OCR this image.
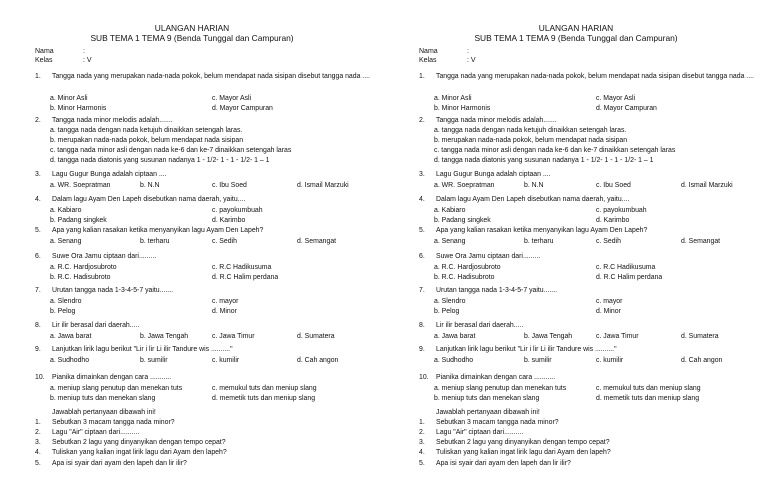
ULANGAN HARIAN
SUB TEMA 1 TEMA 9 (Benda Tunggal dan Campuran)
Nama	:
Kelas	: V
1. Tangga nada yang merupakan nada-nada pokok, belum mendapat nada sisipan disebut tangga nada ....
a. Minor Asli	c. Mayor Asli
b. Minor Harmonis	d. Mayor Campuran
2. Tangga nada minor melodis adalah.......
a. tangga nada dengan nada ketujuh dinaikkan setengah laras.
b. merupakan nada-nada pokok, belum mendapat nada sisipan
c. tangga nada minor asli dengan nada ke-6 dan ke-7 dinaikkan setengah laras
d. tangga nada diatonis yang susunan nadanya 1 - 1/2- 1 - 1 - 1/2- 1 – 1
3. Lagu Gugur Bunga adalah ciptaan ....
a. WR. Soepratman	b. N.N	c. Ibu Soed	d. Ismail Marzuki
4. Dalam lagu Ayam Den Lapeh disebutkan nama daerah, yaitu....
a. Kabiaro	c. payokumbuah
b. Padang singkek	d. Karimbo
5. Apa yang kalian rasakan ketika menyanyikan lagu Ayam Den Lapeh?
a. Senang	b. terharu	c. Sedih	d. Semangat
6. Suwe Ora Jamu ciptaan dari.........
a. R.C. Hardjosubroto	c. R.C Hadikusuma
b. R.C. Hadisubroto	d. R.C Halim perdana
7. Urutan tangga nada 1-3-4-5-7 yaitu.......
a. Slendro	c. mayor
b. Pelog	d. Minor
8. Lir ilir berasal dari daerah.....
a. Jawa barat	b. Jawa Tengah	c. Jawa Timur	d. Sumatera
9. Lanjutkan lirik lagu berikut "Lir i lir Li ilir Tandure wis .........."
a. Sudhodho	b. sumilir	c. kumilir	d. Cah angon
10. Pianika dimainkan dengan cara ...........
a. meniup slang penutup dan menekan tuts	c. memukul tuts dan meniup slang
b. meniup tuts dan menekan slang	d. memetik tuts dan meniup slang
Jawablah pertanyaan dibawah ini!
1. Sebutkan 3 macam tangga nada minor?
2. Lagu "Air" ciptaan dari..........
3. Sebutkan 2 lagu yang dinyanyikan dengan tempo cepat?
4. Tuliskan yang kalian ingat lirik lagu dari Ayam den lapeh?
5. Apa isi syair dari ayam den lapeh dan lir ilir?
ULANGAN HARIAN
SUB TEMA 1 TEMA 9 (Benda Tunggal dan Campuran)
Nama	:
Kelas	: V
1. Tangga nada yang merupakan nada-nada pokok, belum mendapat nada sisipan disebut tangga nada ....
a. Minor Asli	c. Mayor Asli
b. Minor Harmonis	d. Mayor Campuran
2. Tangga nada minor melodis adalah.......
a. tangga nada dengan nada ketujuh dinaikkan setengah laras.
b. merupakan nada-nada pokok, belum mendapat nada sisipan
c. tangga nada minor asli dengan nada ke-6 dan ke-7 dinaikkan setengah laras
d. tangga nada diatonis yang susunan nadanya 1 - 1/2- 1 - 1 - 1/2- 1 – 1
3. Lagu Gugur Bunga adalah ciptaan ....
a. WR. Soepratman	b. N.N	c. Ibu Soed	d. Ismail Marzuki
4. Dalam lagu Ayam Den Lapeh disebutkan nama daerah, yaitu....
a. Kabiaro	c. payokumbuah
b. Padang singkek	d. Karimbo
5. Apa yang kalian rasakan ketika menyanyikan lagu Ayam Den Lapeh?
a. Senang	b. terharu	c. Sedih	d. Semangat
6. Suwe Ora Jamu ciptaan dari.........
a. R.C. Hardjosubroto	c. R.C Hadikusuma
b. R.C. Hadisubroto	d. R.C Halim perdana
7. Urutan tangga nada 1-3-4-5-7 yaitu.......
a. Slendro	c. mayor
b. Pelog	d. Minor
8. Lir ilir berasal dari daerah.....
a. Jawa barat	b. Jawa Tengah	c. Jawa Timur	d. Sumatera
9. Lanjutkan lirik lagu berikut "Lir i lir Li ilir Tandure wis .........."
a. Sudhodho	b. sumilir	c. kumilir	d. Cah angon
10. Pianika dimainkan dengan cara ...........
a. meniup slang penutup dan menekan tuts	c. memukul tuts dan meniup slang
b. meniup tuts dan menekan slang	d. memetik tuts dan meniup slang
Jawablah pertanyaan dibawah ini!
1. Sebutkan 3 macam tangga nada minor?
2. Lagu "Air" ciptaan dari..........
3. Sebutkan 2 lagu yang dinyanyikan dengan tempo cepat?
4. Tuliskan yang kalian ingat lirik lagu dari Ayam den lapeh?
5. Apa isi syair dari ayam den lapeh dan lir ilir?
